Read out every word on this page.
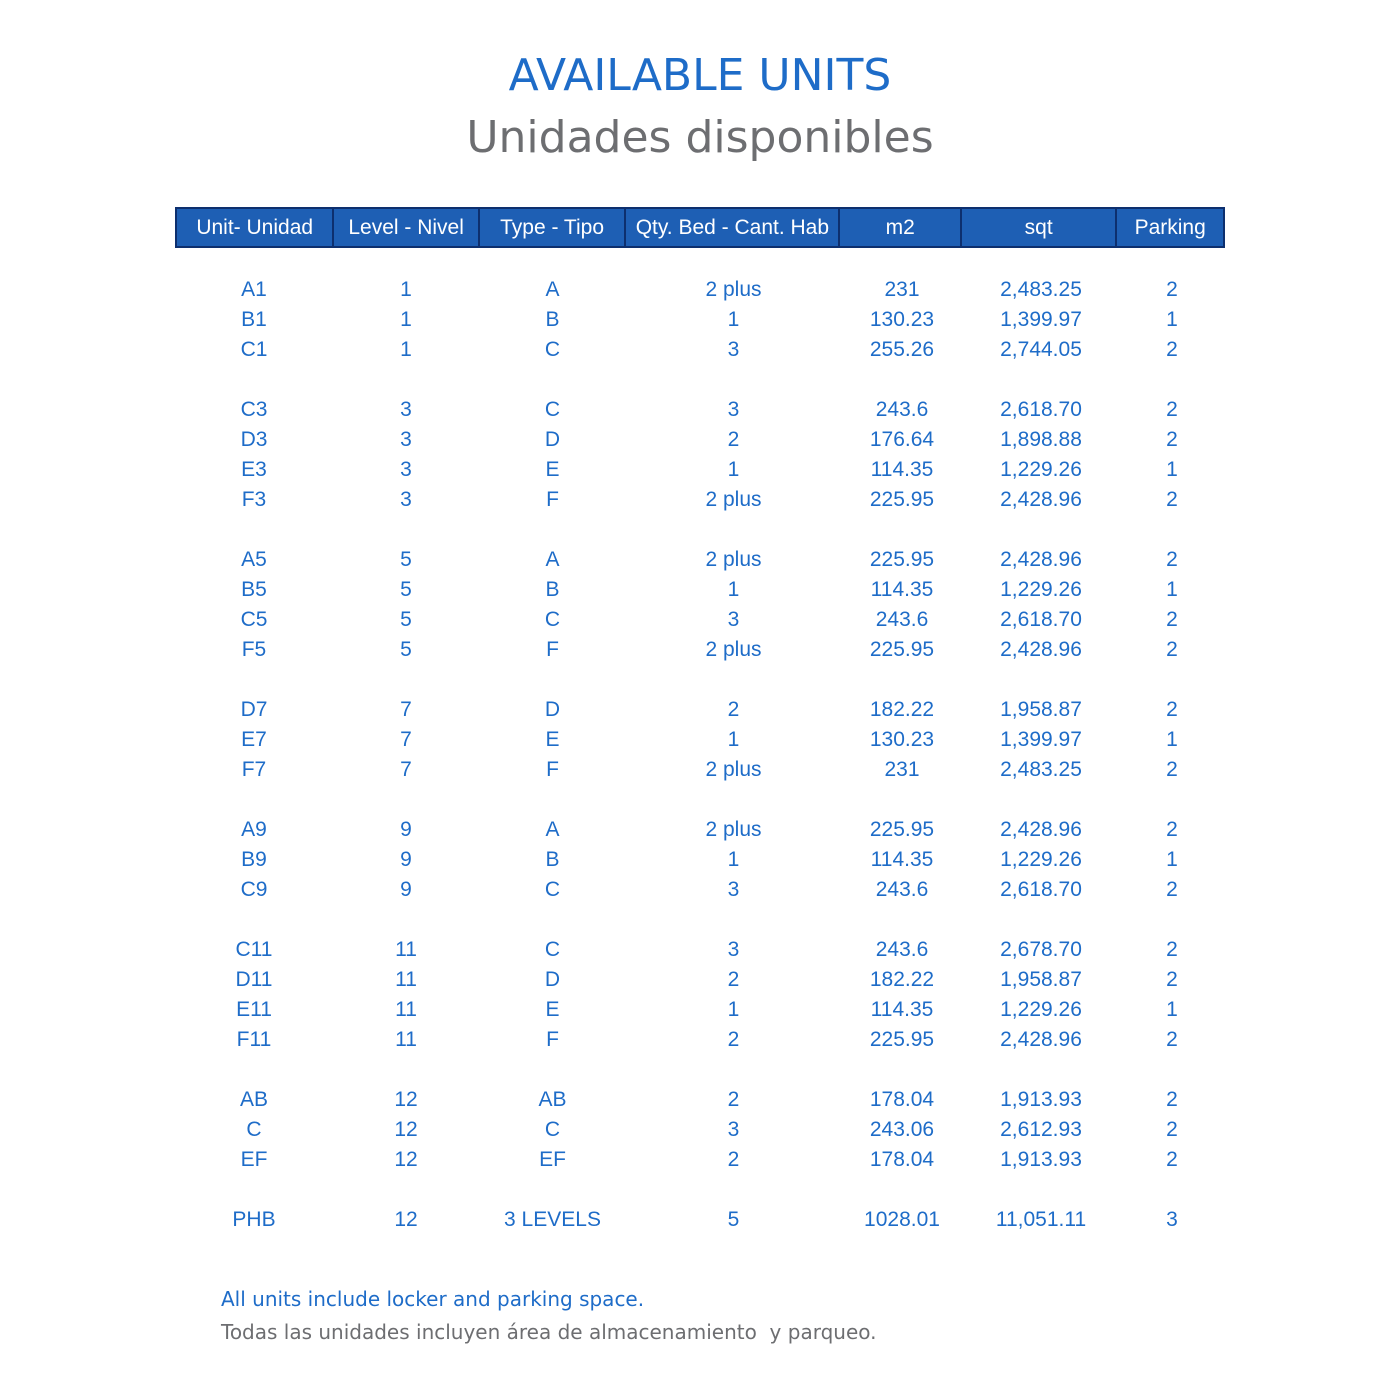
AVAILABLE UNITS
Unidades disponibles
Unit- Unidad	Level - Nivel	Type - Tipo	Qty. Bed - Cant. Hab	m2	sqt	Parking
A1	1	A	2 plus	231	2,483.25	2
B1	1	B	1	130.23	1,399.97	1
C1	1	C	3	255.26	2,744.05	2
C3	3	C	3	243.6	2,618.70	2
D3	3	D	2	176.64	1,898.88	2
E3	3	E	1	114.35	1,229.26	1
F3	3	F	2 plus	225.95	2,428.96	2
A5	5	A	2 plus	225.95	2,428.96	2
B5	5	B	1	114.35	1,229.26	1
C5	5	C	3	243.6	2,618.70	2
F5	5	F	2 plus	225.95	2,428.96	2
D7	7	D	2	182.22	1,958.87	2
E7	7	E	1	130.23	1,399.97	1
F7	7	F	2 plus	231	2,483.25	2
A9	9	A	2 plus	225.95	2,428.96	2
B9	9	B	1	114.35	1,229.26	1
C9	9	C	3	243.6	2,618.70	2
C11	11	C	3	243.6	2,678.70	2
D11	11	D	2	182.22	1,958.87	2
E11	11	E	1	114.35	1,229.26	1
F11	11	F	2	225.95	2,428.96	2
AB	12	AB	2	178.04	1,913.93	2
C	12	C	3	243.06	2,612.93	2
EF	12	EF	2	178.04	1,913.93	2
PHB	12	3 LEVELS	5	1028.01	11,051.11	3
All units include locker and parking space.
Todas las unidades incluyen área de almacenamiento  y parqueo.
